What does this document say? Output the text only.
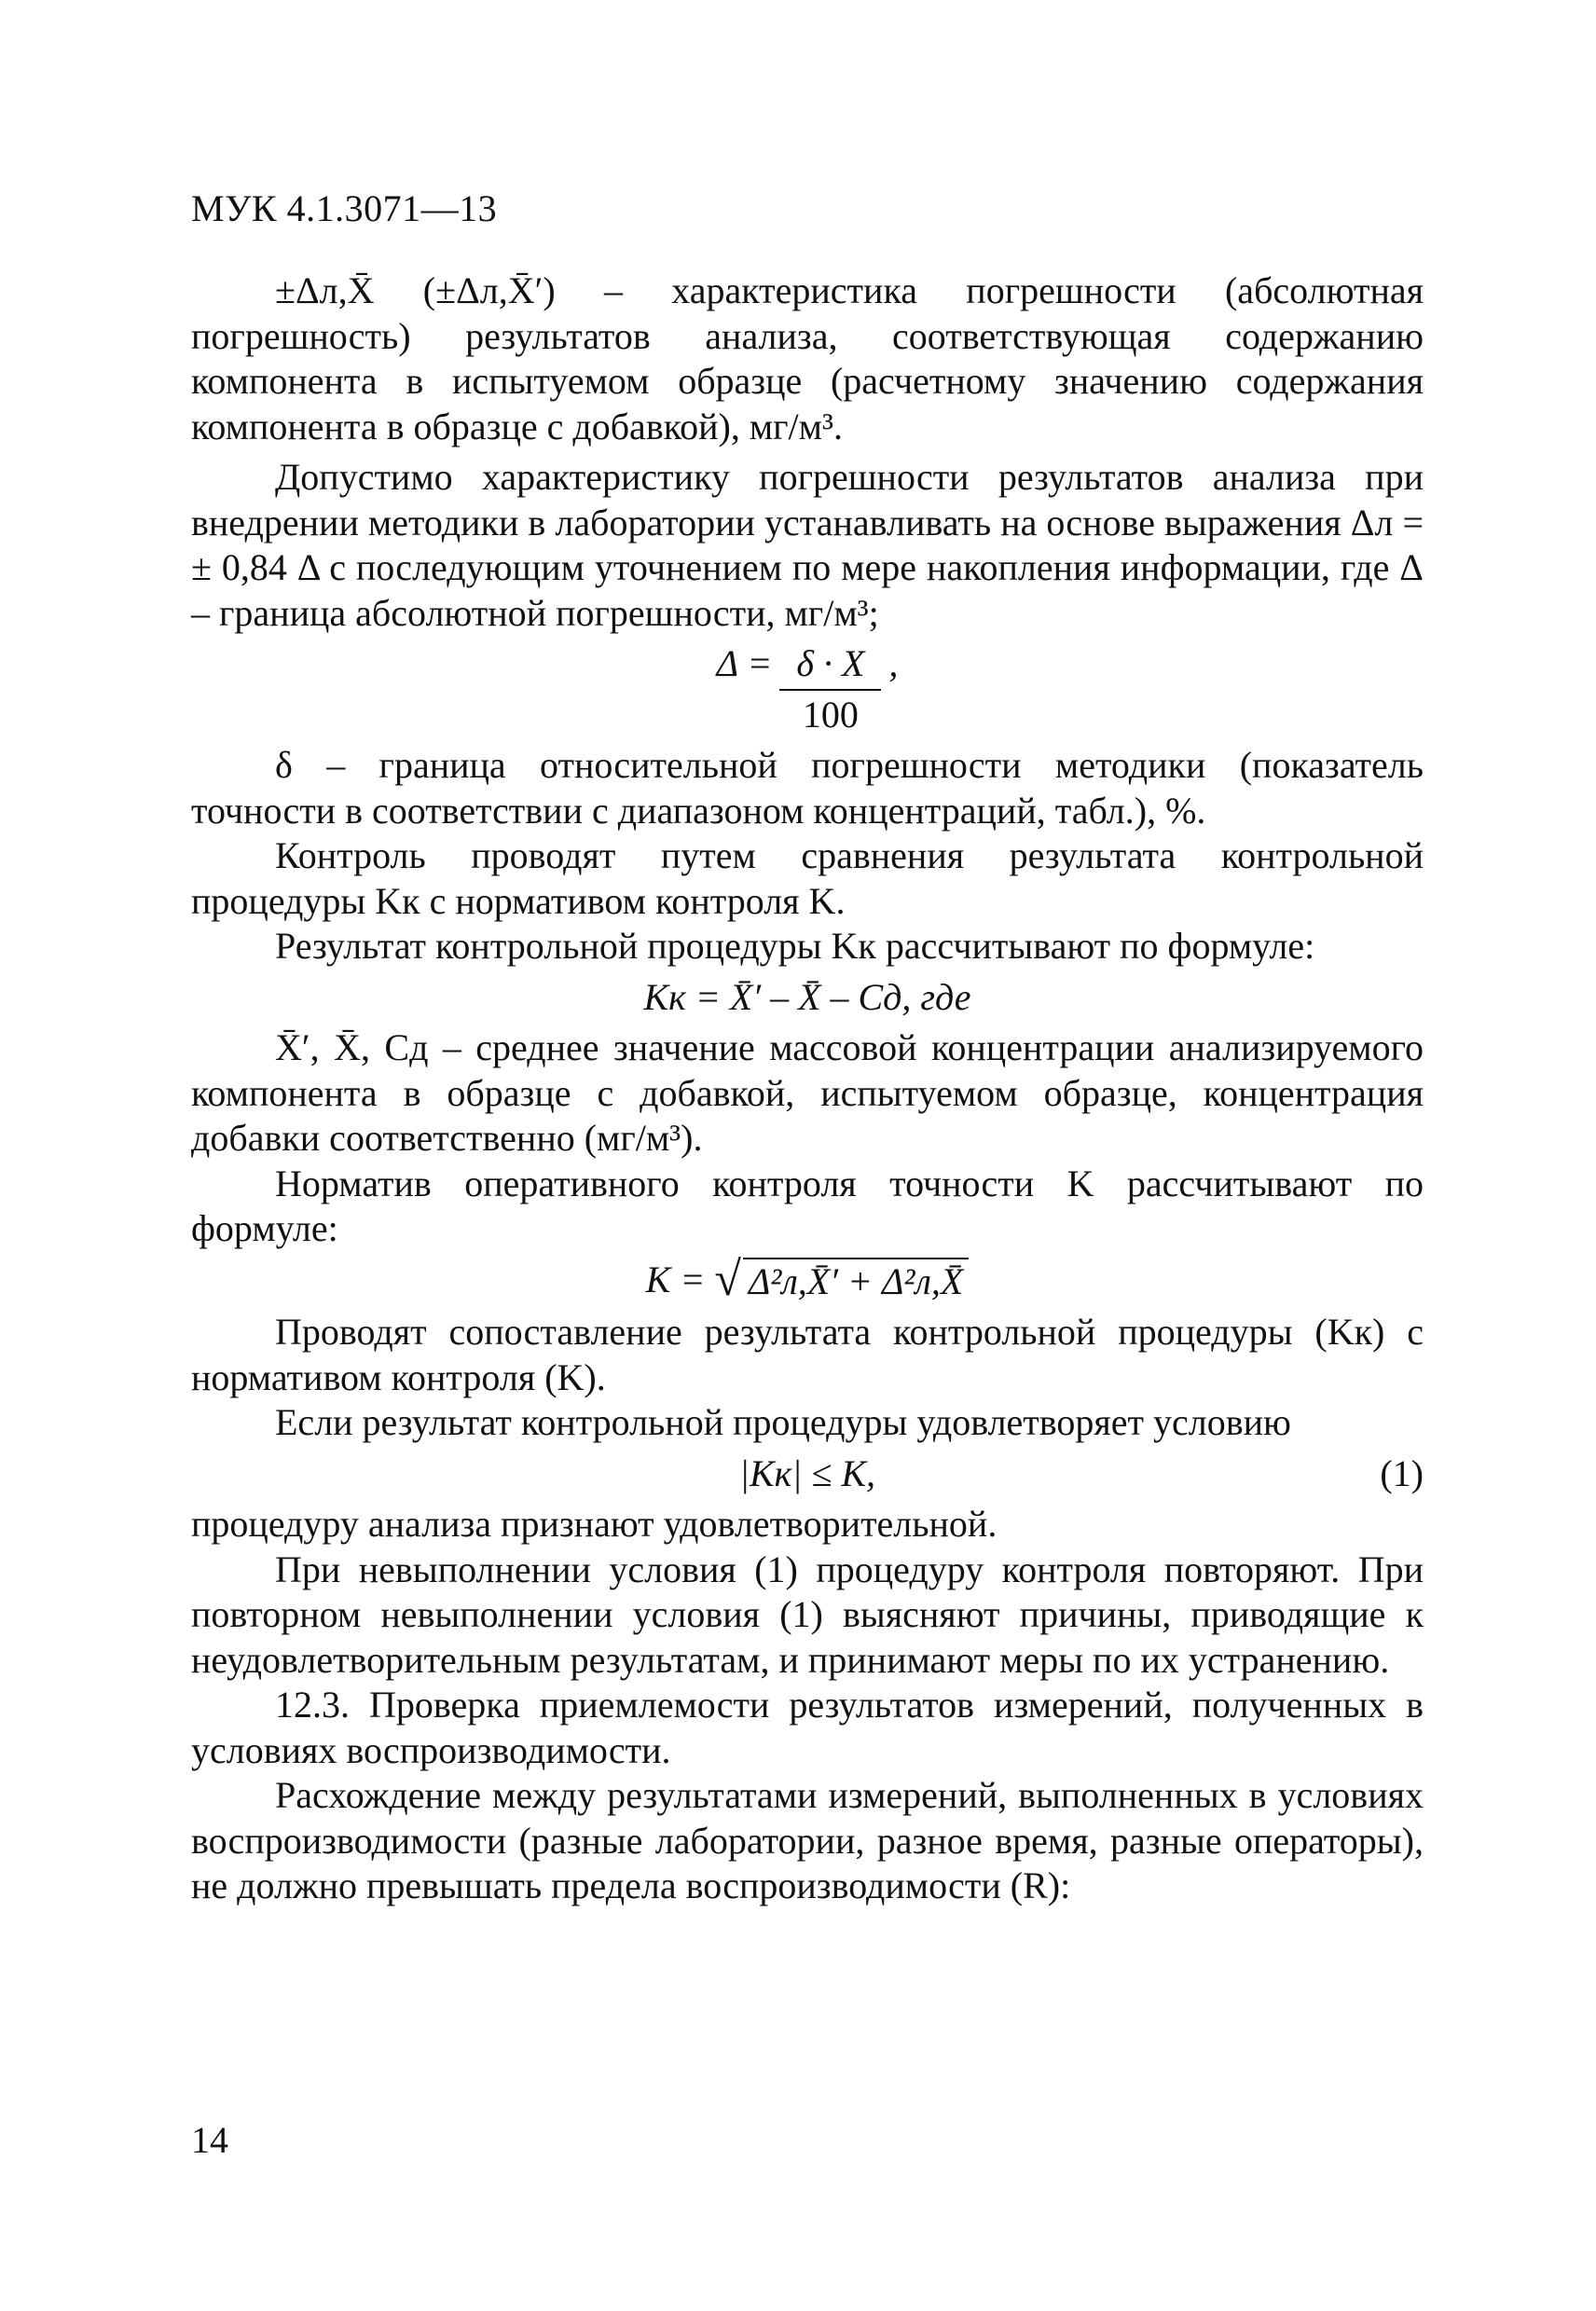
МУК 4.1.3071—13

±Δл,X̄ (±Δл,X̄′) – характеристика погрешности (абсолютная погрешность) результатов анализа, соответствующая содержанию компонента в испытуемом образце (расчетному значению содержания компонента в образце с добавкой), мг/м³.

Допустимо характеристику погрешности результатов анализа при внедрении методики в лаборатории устанавливать на основе выражения Δл = ± 0,84 Δ с последующим уточнением по мере накопления информации, где Δ – граница абсолютной погрешности, мг/м³;

$\Delta = \frac{\delta \cdot X}{100}$ ,

δ – граница относительной погрешности методики (показатель точности в соответствии с диапазоном концентраций, табл.), %.

Контроль проводят путем сравнения результата контрольной процедуры Kк с нормативом контроля K.

Результат контрольной процедуры Kк рассчитывают по формуле:

Kк = X̄′ – X̄ – Cд, где

X̄′, X̄, Cд – среднее значение массовой концентрации анализируемого компонента в образце с добавкой, испытуемом образце, концентрация добавки соответственно (мг/м³).

Норматив оперативного контроля точности K рассчитывают по формуле:

K =
√ Δ²л,X̄′ + Δ²л,X̄

Проводят сопоставление результата контрольной процедуры (Kк) с нормативом контроля (K).

Если результат контрольной процедуры удовлетворяет условию

|Kк| ≤ K,	(1)

процедуру анализа признают удовлетворительной.

При невыполнении условия (1) процедуру контроля повторяют. При повторном невыполнении условия (1) выясняют причины, приводящие к неудовлетворительным результатам, и принимают меры по их устранению.

12.3. Проверка приемлемости результатов измерений, полученных в условиях воспроизводимости.

Расхождение между результатами измерений, выполненных в условиях воспроизводимости (разные лаборатории, разное время, разные операторы), не должно превышать предела воспроизводимости (R):

14
